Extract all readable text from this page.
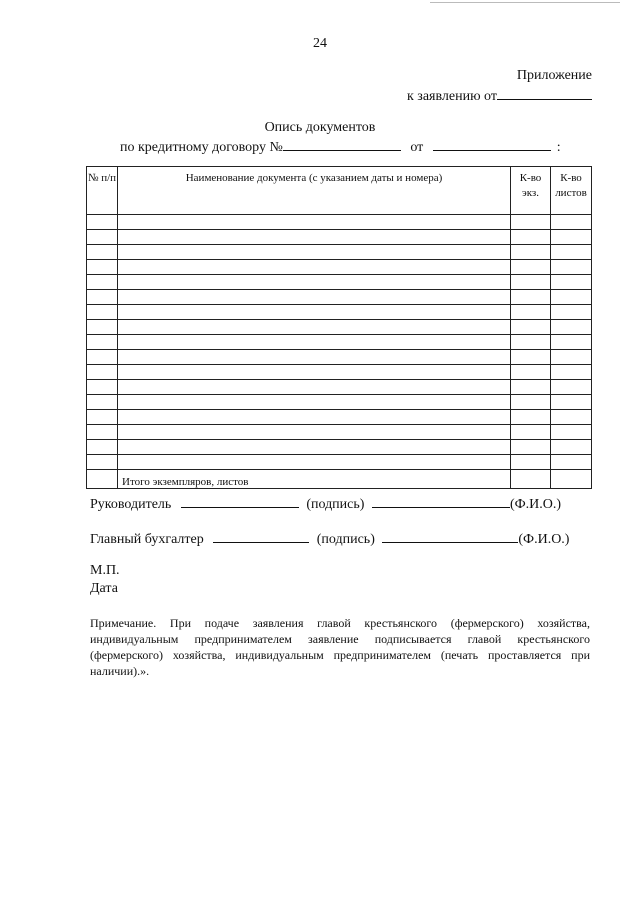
24
Приложение
к заявлению от
Опись документов
по кредитному договору №	от	:
№ п/п	Наименование документа (с указанием даты и номера)	К-во экз.	К-во листов

	Итого экземпляров, листов		
Руководитель	(подпись)	(Ф.И.О.)
Главный бухгалтер	(подпись)	(Ф.И.О.)
М.П.
Дата
Примечание. При подаче заявления главой крестьянского (фермерского) хозяйства, индивидуальным предпринимателем заявление подписывается главой крестьянского (фермерского) хозяйства, индивидуальным предпринимателем (печать проставляется при наличии).».
